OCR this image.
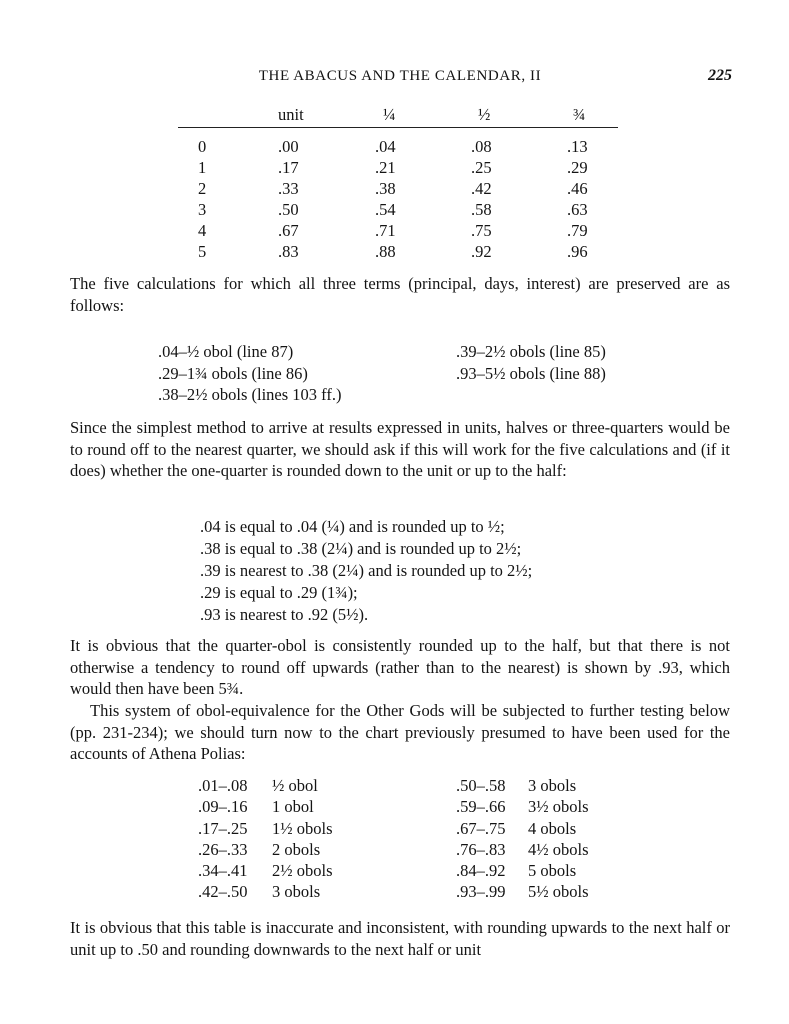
THE ABACUS AND THE CALENDAR, II	225
unit	¼	½	¾
0	.00	.04	.08	.13
1	.17	.21	.25	.29
2	.33	.38	.42	.46
3	.50	.54	.58	.63
4	.67	.71	.75	.79
5	.83	.88	.92	.96

The five calculations for which all three terms (principal, days, interest) are preserved are as follows:

.04–½ obol (line 87)
.29–1¾ obols (line 86)
.38–2½ obols (lines 103 ff.)
.39–2½ obols (line 85)
.93–5½ obols (line 88)

Since the simplest method to arrive at results expressed in units, halves or three-quarters would be to round off to the nearest quarter, we should ask if this will work for the five calculations and (if it does) whether the one-quarter is rounded down to the unit or up to the half:

.04 is equal to .04 (¼) and is rounded up to ½;
.38 is equal to .38 (2¼) and is rounded up to 2½;
.39 is nearest to .38 (2¼) and is rounded up to 2½;
.29 is equal to .29 (1¾);
.93 is nearest to .92 (5½).

It is obvious that the quarter-obol is consistently rounded up to the half, but that there is not otherwise a tendency to round off upwards (rather than to the nearest) is shown by .93, which would then have been 5¾.

This system of obol-equivalence for the Other Gods will be subjected to further testing below (pp. 231-234); we should turn now to the chart previously presumed to have been used for the accounts of Athena Polias:

.01–.08 ½ obol
.09–.16 1 obol
.17–.25 1½ obols
.26–.33 2 obols
.34–.41 2½ obols
.42–.50 3 obols
.50–.58 3 obols
.59–.66 3½ obols
.67–.75 4 obols
.76–.83 4½ obols
.84–.92 5 obols
.93–.99 5½ obols

It is obvious that this table is inaccurate and inconsistent, with rounding upwards to the next half or unit up to .50 and rounding downwards to the next half or unit
